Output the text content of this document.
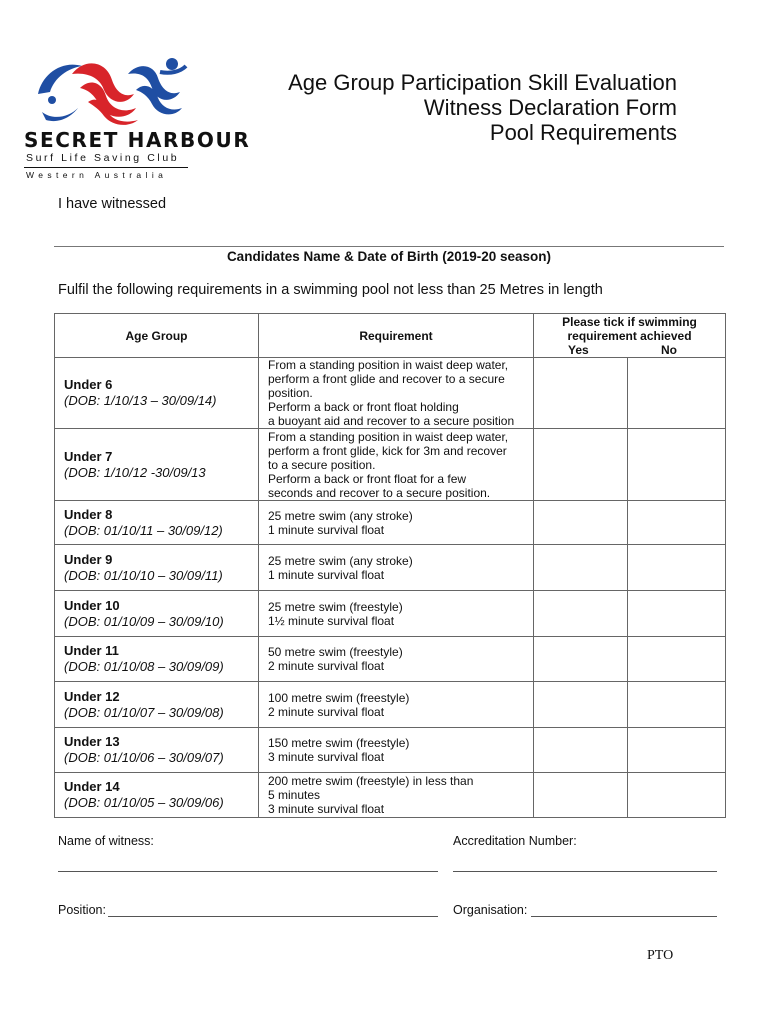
SECRET HARBOUR
Surf Life Saving Club
Western Australia
Age Group Participation Skill Evaluation
Witness Declaration Form
Pool Requirements
I have witnessed
Candidates Name & Date of Birth (2019-20 season)
Fulfil the following requirements in a swimming pool not less than 25 Metres in length
Age Group	Requirement	Please tick if swimming
requirement achieved
Yes No	

Under 6
(DOB: 1/10/13 – 30/09/14)	From a standing position in waist deep water,
perform a front glide and recover to a secure
position.
Perform a back or front float holding
a buoyant aid and recover to a secure position		

Under 7
(DOB: 1/10/12 -30/09/13	From a standing position in waist deep water,
perform a front glide, kick for 3m and recover
to a secure position.
Perform a back or front float for a few
seconds and recover to a secure position.		

Under 8
(DOB: 01/10/11 – 30/09/12)	25 metre swim (any stroke)
1 minute survival float		

Under 9
(DOB: 01/10/10 – 30/09/11)	25 metre swim (any stroke)
1 minute survival float		

Under 10
(DOB: 01/10/09 – 30/09/10)	25 metre swim (freestyle)
1½ minute survival float		

Under 11
(DOB: 01/10/08 – 30/09/09)	50 metre swim (freestyle)
2 minute survival float		

Under 12
(DOB: 01/10/07 – 30/09/08)	100 metre swim (freestyle)
2 minute survival float		

Under 13
(DOB: 01/10/06 – 30/09/07)	150 metre swim (freestyle)
3 minute survival float		

Under 14
(DOB: 01/10/05 – 30/09/06)	200 metre swim (freestyle) in less than
5 minutes
3 minute survival float		

Name of witness:	Accreditation Number:
Position:	Organisation:
PTO
